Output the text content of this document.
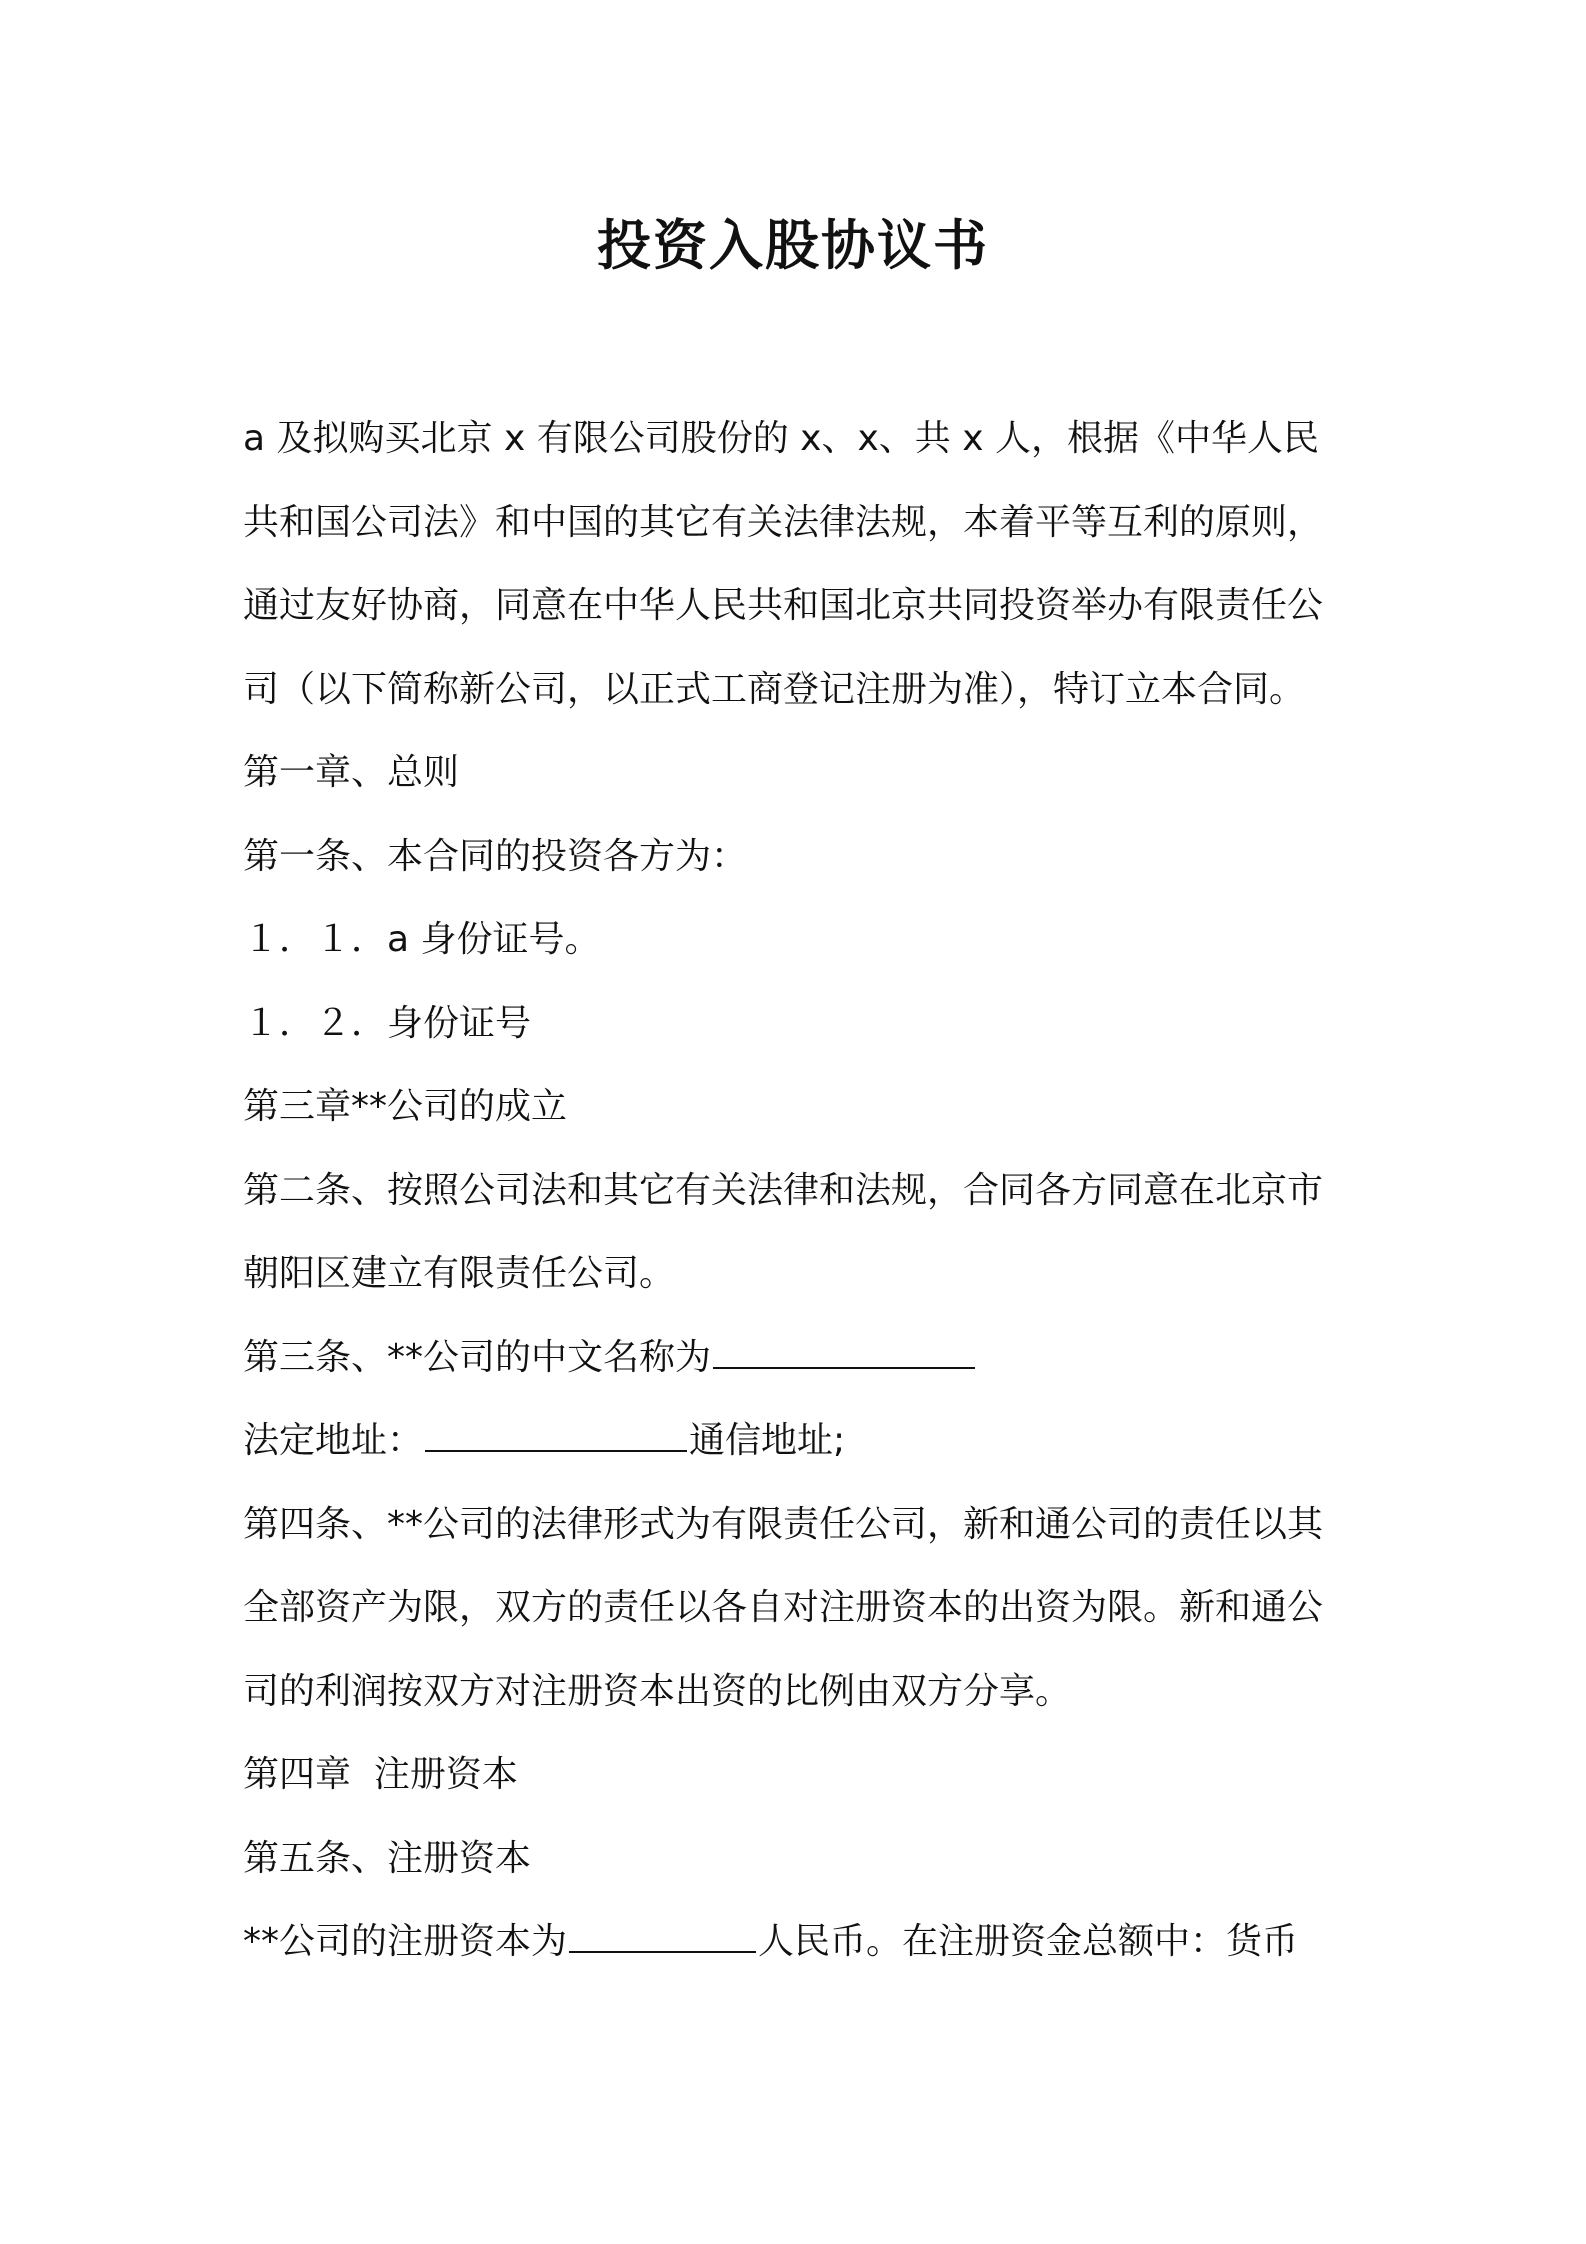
投资入股协议书

a 及拟购买北京 x 有限公司股份的 x、x、共 x 人，根据《中华人民

共和国公司法》和中国的其它有关法律法规，本着平等互利的原则，

通过友好协商，同意在中华人民共和国北京共同投资举办有限责任公

司（以下简称新公司，以正式工商登记注册为准），特订立本合同。

第一章、总则

第一条、本合同的投资各方为：

１．１．a 身份证号。

１．２．身份证号

第三章**公司的成立

第二条、按照公司法和其它有关法律和法规，合同各方同意在北京市

朝阳区建立有限责任公司。

第三条、**公司的中文名称为

法定地址：	通信地址;

第四条、**公司的法律形式为有限责任公司，新和通公司的责任以其

全部资产为限，双方的责任以各自对注册资本的出资为限。新和通公

司的利润按双方对注册资本出资的比例由双方分享。

第四章  注册资本

第五条、注册资本

**公司的注册资本为	人民币。在注册资金总额中：货币
